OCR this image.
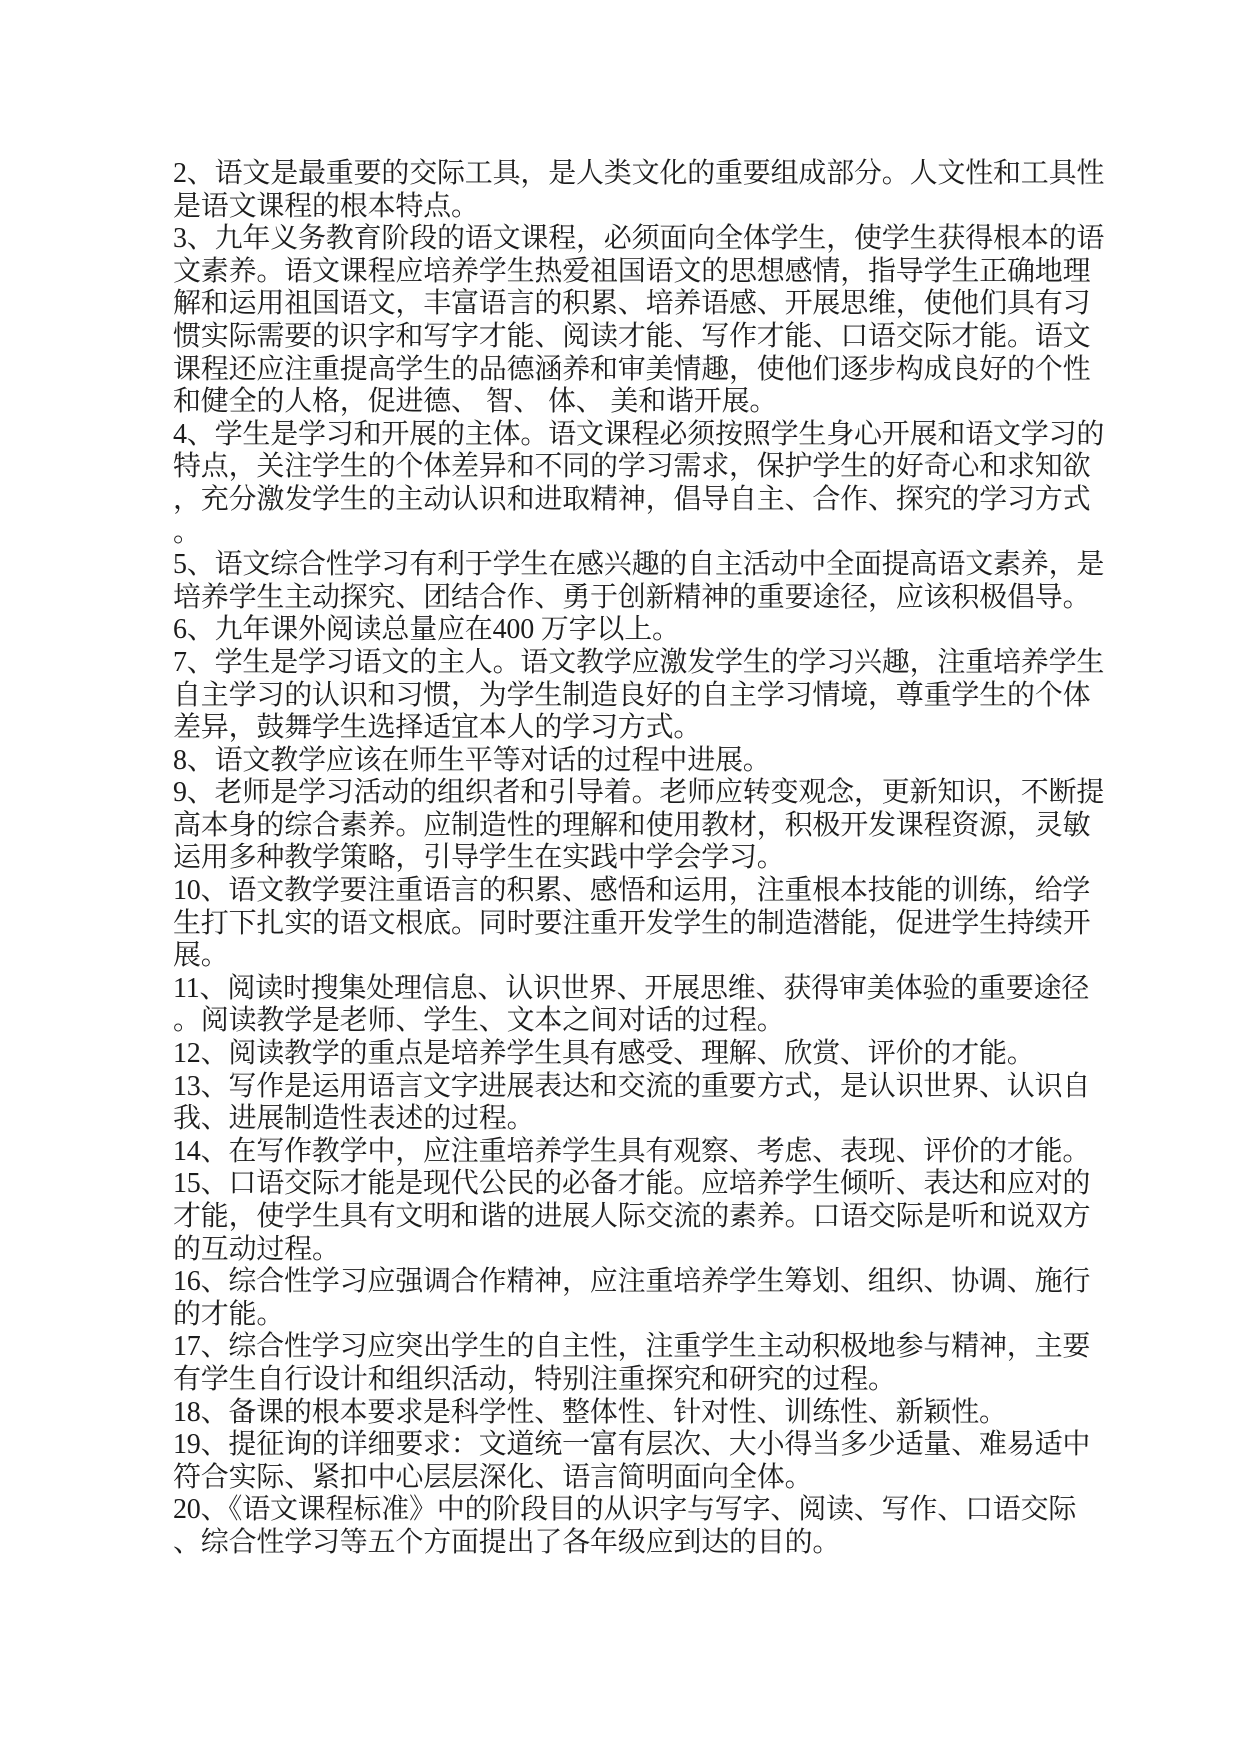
2、语文是最重要的交际工具，是人类文化的重要组成部分。人文性和工具性
是语文课程的根本特点。
3、九年义务教育阶段的语文课程，必须面向全体学生，使学生获得根本的语
文素养。语文课程应培养学生热爱祖国语文的思想感情，指导学生正确地理
解和运用祖国语文，丰富语言的积累、培养语感、开展思维，使他们具有习
惯实际需要的识字和写字才能、阅读才能、写作才能、口语交际才能。语文
课程还应注重提高学生的品德涵养和审美情趣，使他们逐步构成良好的个性
和健全的人格，促进德、 智、 体、 美和谐开展。
4、学生是学习和开展的主体。语文课程必须按照学生身心开展和语文学习的
特点，关注学生的个体差异和不同的学习需求，保护学生的好奇心和求知欲
，充分激发学生的主动认识和进取精神，倡导自主、合作、探究的学习方式
。
5、语文综合性学习有利于学生在感兴趣的自主活动中全面提高语文素养，是
培养学生主动探究、团结合作、勇于创新精神的重要途径，应该积极倡导。
6、九年课外阅读总量应在400 万字以上。
7、学生是学习语文的主人。语文教学应激发学生的学习兴趣，注重培养学生
自主学习的认识和习惯，为学生制造良好的自主学习情境，尊重学生的个体
差异，鼓舞学生选择适宜本人的学习方式。
8、语文教学应该在师生平等对话的过程中进展。
9、老师是学习活动的组织者和引导着。老师应转变观念，更新知识，不断提
高本身的综合素养。应制造性的理解和使用教材，积极开发课程资源，灵敏
运用多种教学策略，引导学生在实践中学会学习。
10、语文教学要注重语言的积累、感悟和运用，注重根本技能的训练，给学
生打下扎实的语文根底。同时要注重开发学生的制造潜能，促进学生持续开
展。
11、阅读时搜集处理信息、认识世界、开展思维、获得审美体验的重要途径
。阅读教学是老师、学生、文本之间对话的过程。
12、阅读教学的重点是培养学生具有感受、理解、欣赏、评价的才能。
13、写作是运用语言文字进展表达和交流的重要方式，是认识世界、认识自
我、进展制造性表述的过程。
14、在写作教学中，应注重培养学生具有观察、考虑、表现、评价的才能。
15、口语交际才能是现代公民的必备才能。应培养学生倾听、表达和应对的
才能，使学生具有文明和谐的进展人际交流的素养。口语交际是听和说双方
的互动过程。
16、综合性学习应强调合作精神，应注重培养学生筹划、组织、协调、施行
的才能。
17、综合性学习应突出学生的自主性，注重学生主动积极地参与精神，主要
有学生自行设计和组织活动，特别注重探究和研究的过程。
18、备课的根本要求是科学性、整体性、针对性、训练性、新颖性。
19、提征询的详细要求：文道统一富有层次、大小得当多少适量、难易适中
符合实际、紧扣中心层层深化、语言简明面向全体。
20、《语文课程标准》中的阶段目的从识字与写字、阅读、写作、口语交际
、综合性学习等五个方面提出了各年级应到达的目的。
